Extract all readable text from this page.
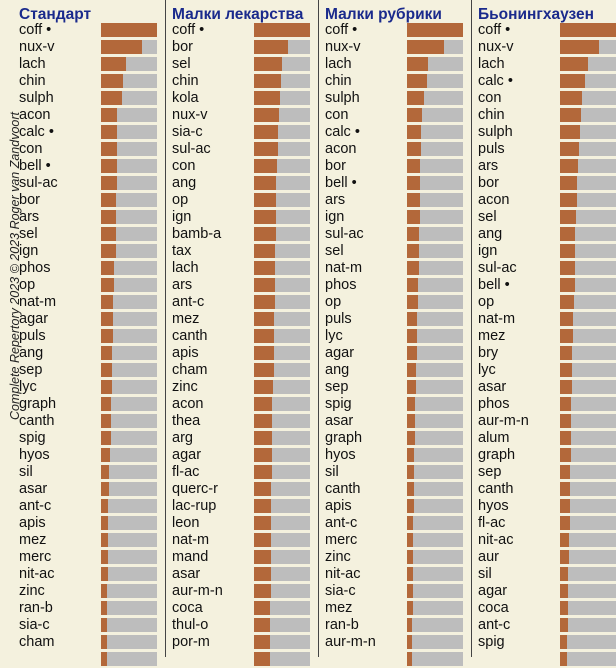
Complete Repertory 2023 © 2023 Roger van Zandvoort
Стандарт
coff •
nux-v
lach
chin
sulph
acon
calc •
con
bell •
sul-ac
bor
ars
sel
ign
phos
op
nat-m
agar
puls
ang
sep
lyc
graph
canth
spig
hyos
sil
asar
ant-c
apis
mez
merc
nit-ac
zinc
ran-b
sia-c
cham
Малки лекарства
coff •
bor
sel
chin
kola
nux-v
sia-c
sul-ac
con
ang
op
ign
bamb-a
tax
lach
ars
ant-c
mez
canth
apis
cham
zinc
acon
thea
arg
agar
fl-ac
querc-r
lac-rup
leon
nat-m
mand
asar
aur-m-n
coca
thul-o
por-m
Малки рубрики
coff •
nux-v
lach
chin
sulph
con
calc •
acon
bor
bell •
ars
ign
sul-ac
sel
nat-m
phos
op
puls
lyc
agar
ang
sep
spig
asar
graph
hyos
sil
canth
apis
ant-c
merc
zinc
nit-ac
sia-c
mez
ran-b
aur-m-n
Бьонингхаузен
coff •
nux-v
lach
calc •
con
chin
sulph
puls
ars
bor
acon
sel
ang
ign
sul-ac
bell •
op
nat-m
mez
bry
lyc
asar
phos
aur-m-n
alum
graph
sep
canth
hyos
fl-ac
nit-ac
aur
sil
agar
coca
ant-c
spig
